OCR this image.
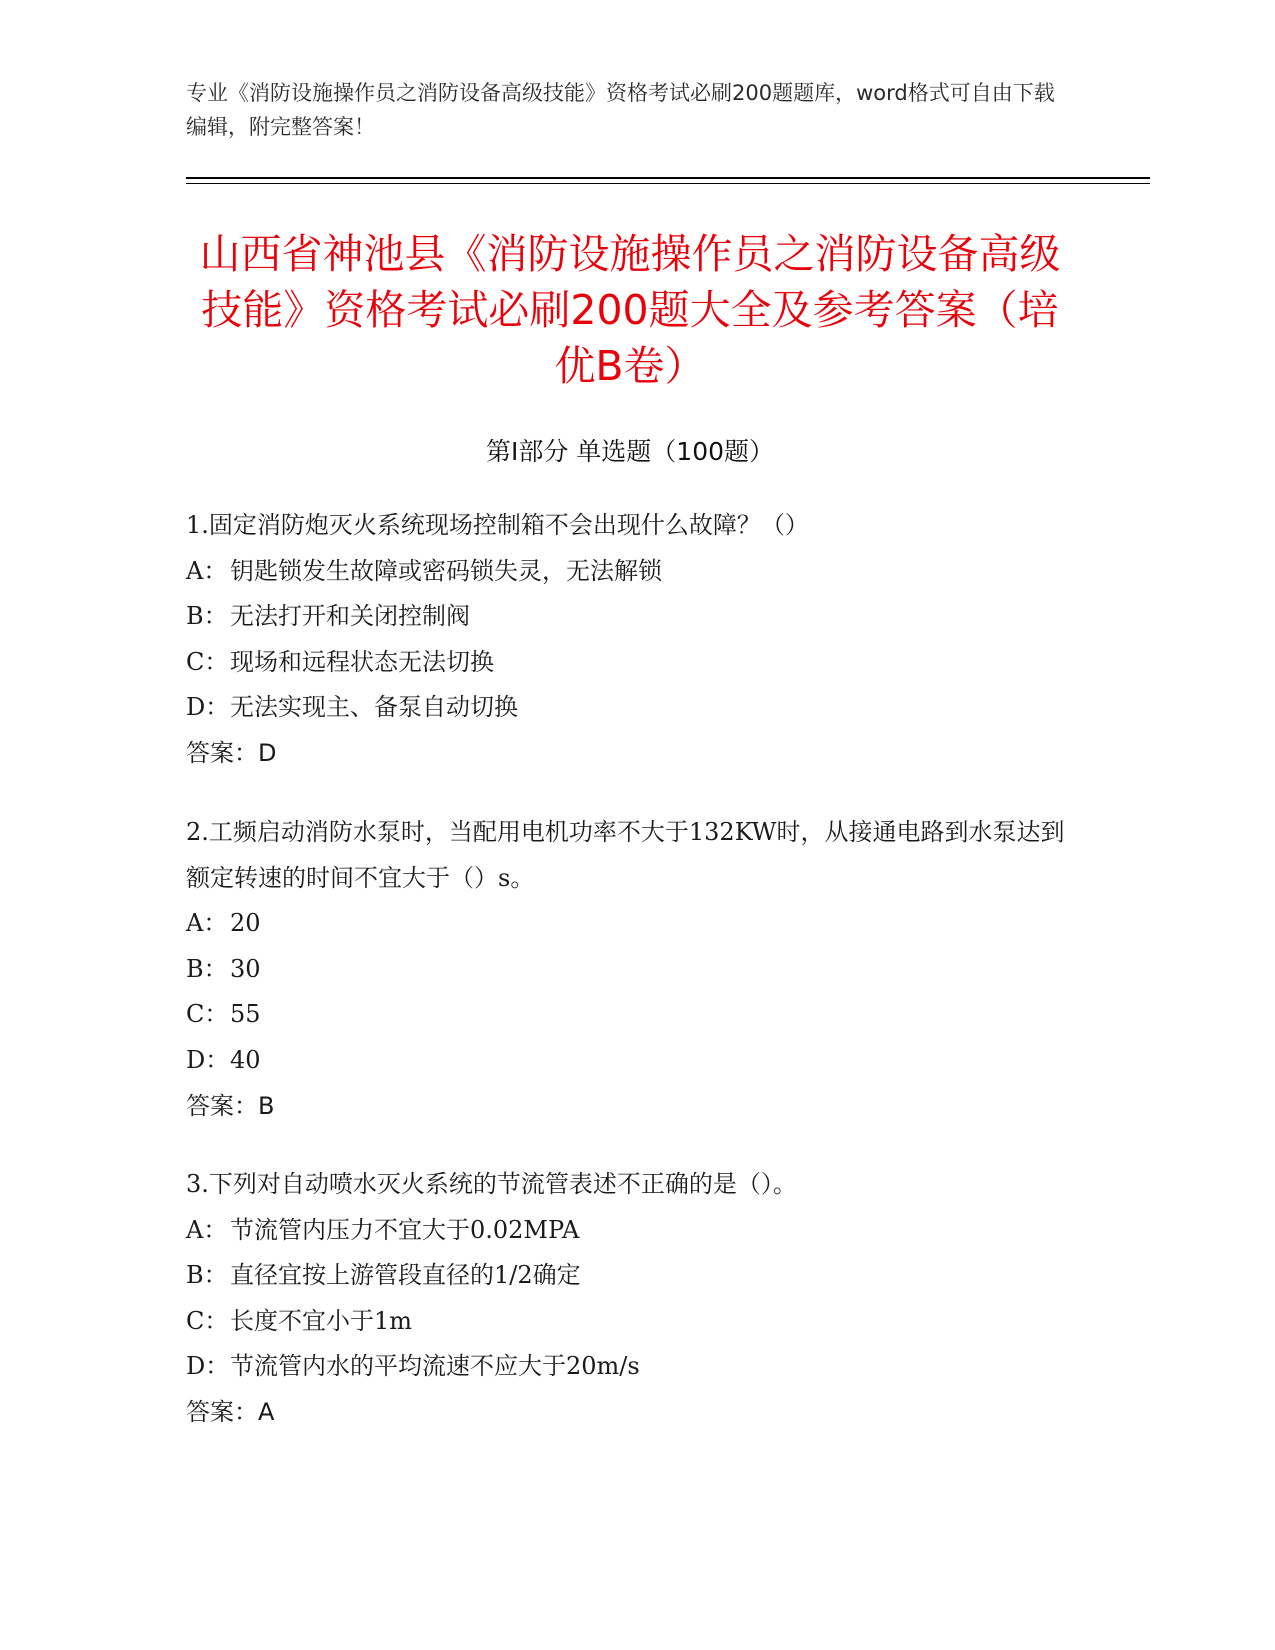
专业《消防设施操作员之消防设备高级技能》资格考试必刷200题题库，word格式可自由下载编辑，附完整答案！
山西省神池县《消防设施操作员之消防设备高级技能》资格考试必刷200题大全及参考答案（培优B卷）
第I部分 单选题（100题）
1.固定消防炮灭火系统现场控制箱不会出现什么故障？（）
A： 钥匙锁发生故障或密码锁失灵，无法解锁
B：无法打开和关闭控制阀
C：现场和远程状态无法切换
D：无法实现主、备泵自动切换
答案：D
2.工频启动消防水泵时，当配用电机功率不大于132KW时，从接通电路到水泵达到额定转速的时间不宜大于（）s。
A： 20
B：30
C：55
D：40
答案：B
3.下列对自动喷水灭火系统的节流管表述不正确的是（）。
A： 节流管内压力不宜大于0.02MPA
B：直径宜按上游管段直径的1/2确定
C：长度不宜小于1m
D：节流管内水的平均流速不应大于20m/s
答案：A
